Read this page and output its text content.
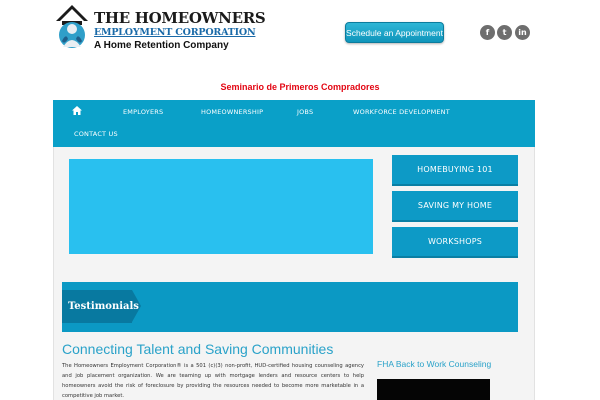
THE HOMEOWNERS
EMPLOYMENT CORPORATION
A Home Retention Company
Schedule an Appointment	f	t	in
Seminario de Primeros Compradores
EMPLOYERS	HOMEOWNERSHIP	JOBS	WORKFORCE DEVELOPMENT
CONTACT US
HOMEBUYING 101
SAVING MY HOME
WORKSHOPS
Testimonials
Connecting Talent and Saving Communities
The Homeowners Employment Corporation® is a 501 (c)(3) non-profit, HUD-certified housing counseling agency and job placement organization. We are teaming up with mortgage lenders and resource centers to help homeowners avoid the risk of foreclosure by providing the resources needed to become more marketable in a competitive job market.
FHA Back to Work Counseling
